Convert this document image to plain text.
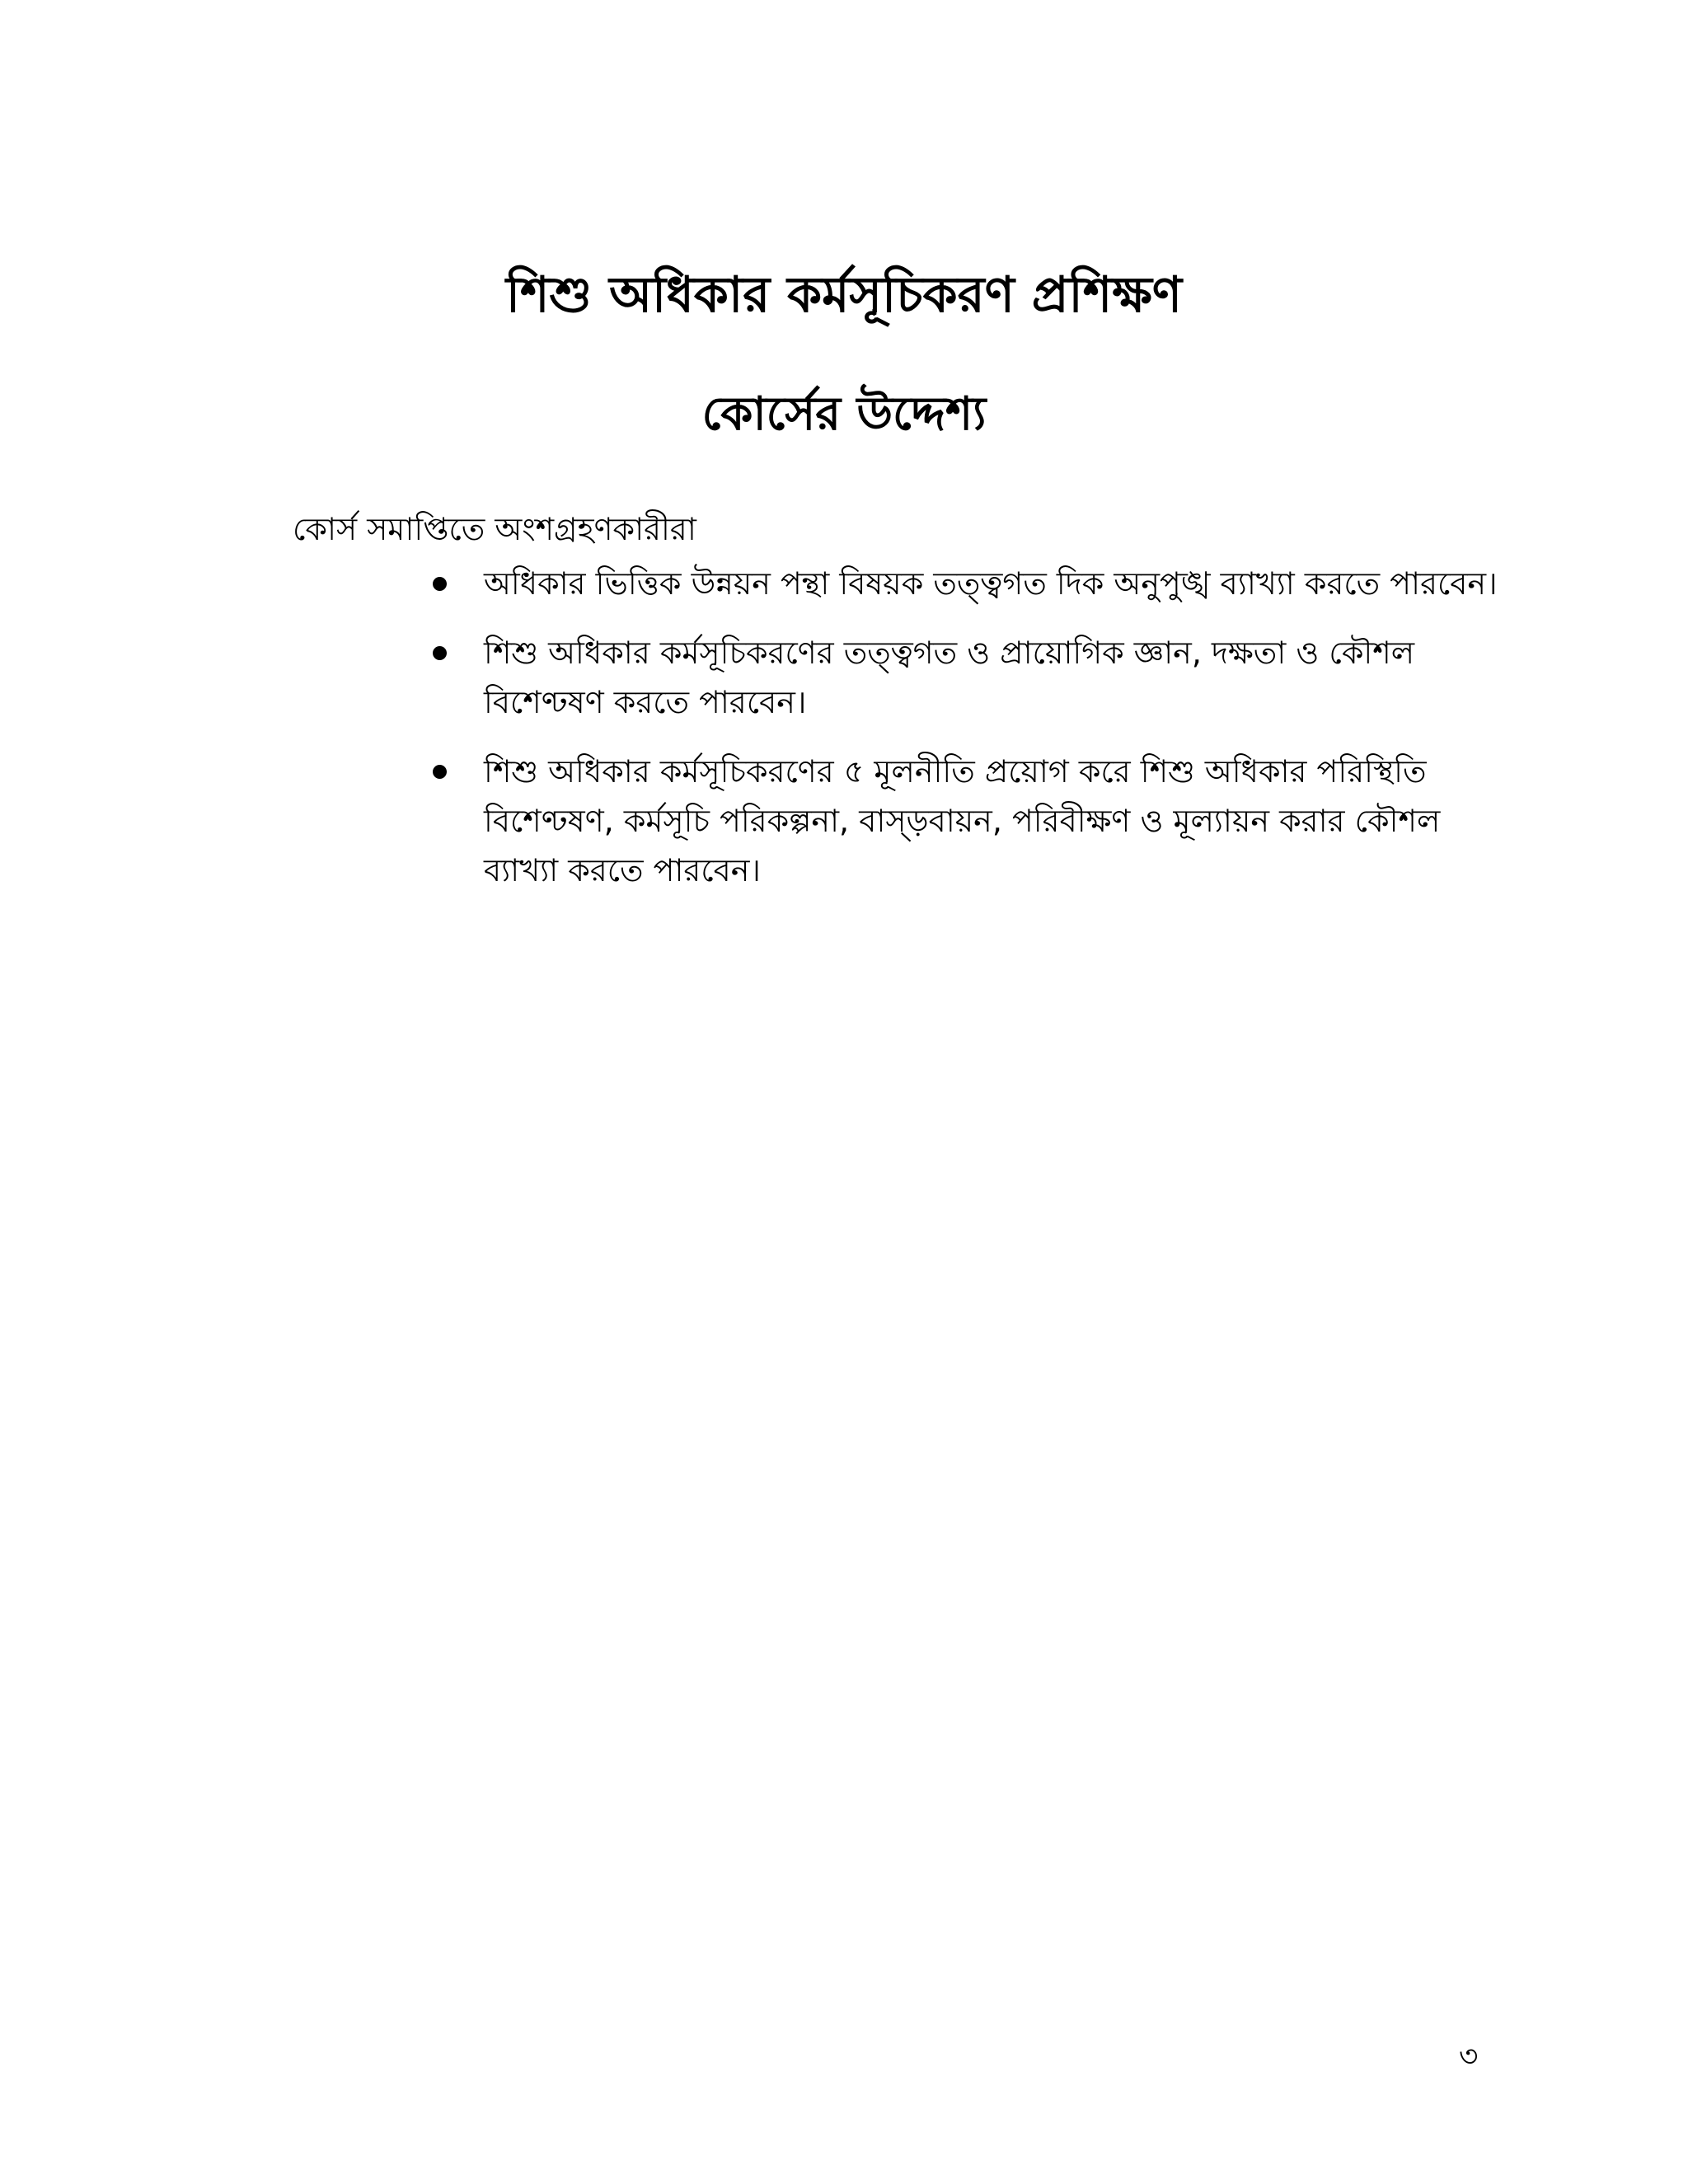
শিশু অধিকার কর্মসূচিকরণ প্রশিক্ষণ
কোর্সের উদ্দেশ্য

কোর্স সমাপ্তিতে অংশগ্রহণকারীরা

অধিকার ভিত্তিক উন্নয়ন পন্থা বিষয়ক তত্ত্বগত দিক অনুপুঙ্খ ব্যাখ্যা করতে পারবেন।
শিশু অধিকার কর্মসূচিকরণের তত্ত্বগত ও প্রায়োগিক জ্ঞান, দক্ষতা ও কৌশল বিশেণ্ঢষণ করতে পারবেন।
শিশু অধিকার কর্মসূচিকরণের ৫ মূলনীতি প্রয়োগ করে শিশু অধিকার পরিস্থিতি বিশেণ্ঢষণ, কর্মসূচি পরিকল্পনা, বাস্ড়বায়ন, পরিবীক্ষণ ও মূল্যায়ন করার কৌশল ব্যাখ্যা করতে পারবেন।
৩
